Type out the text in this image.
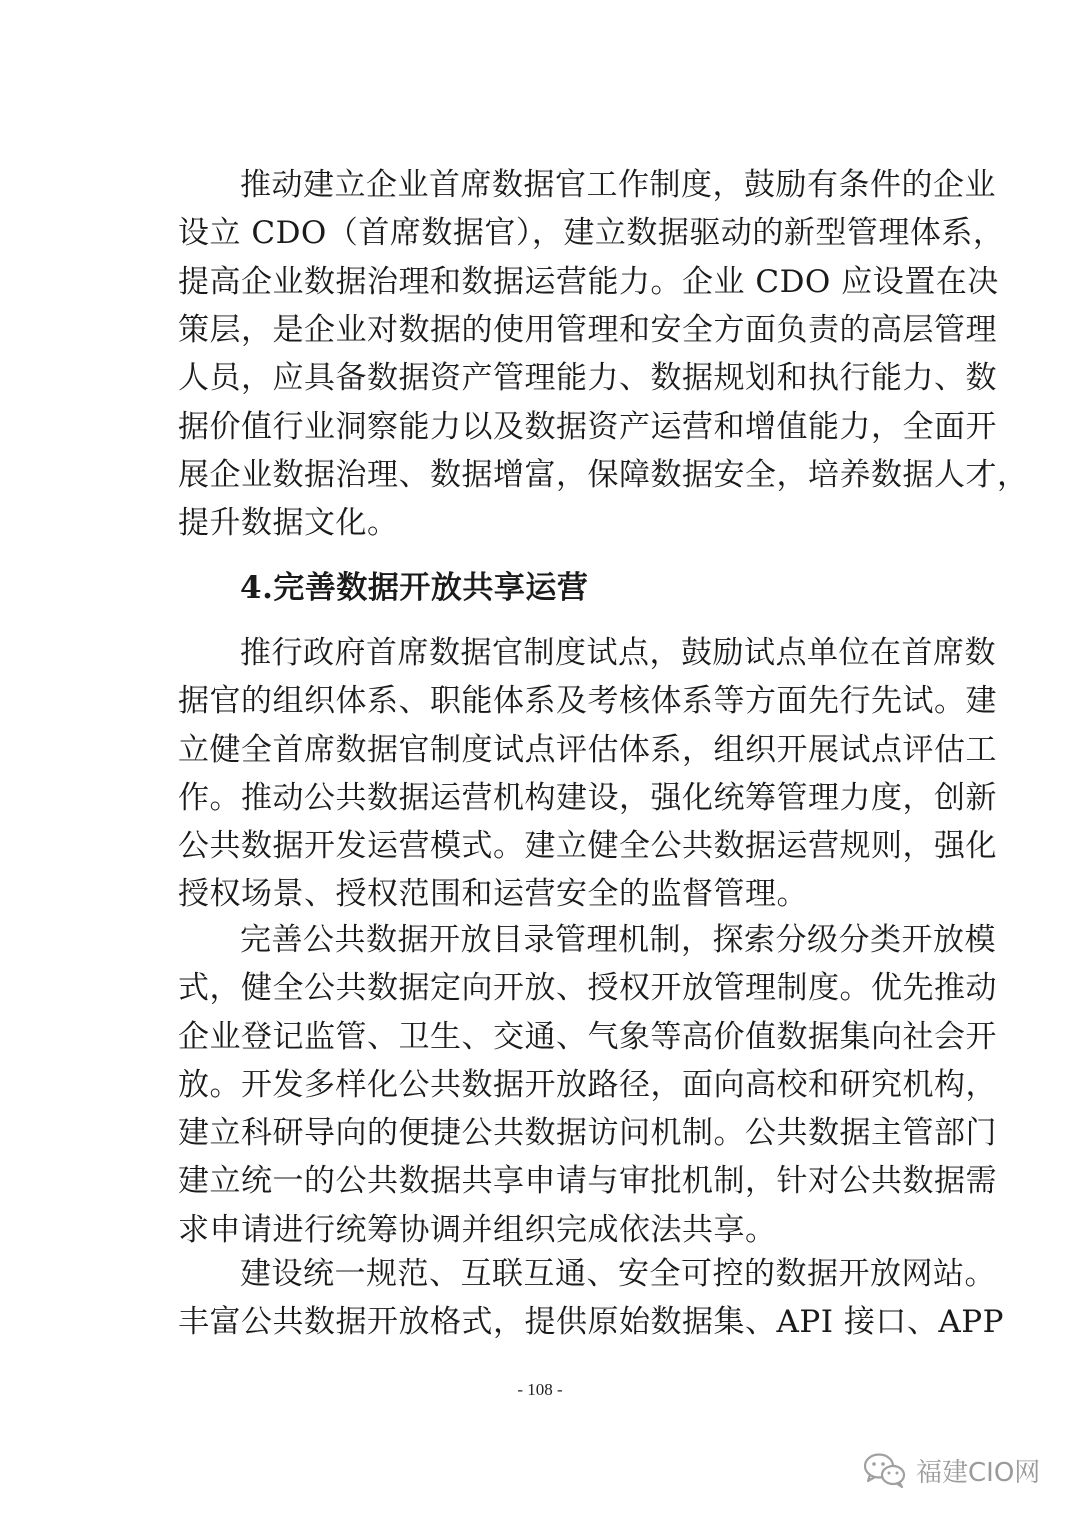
推动建立企业首席数据官工作制度，鼓励有条件的企业
设立 CDO（首席数据官），建立数据驱动的新型管理体系，
提高企业数据治理和数据运营能力。企业 CDO 应设置在决
策层，是企业对数据的使用管理和安全方面负责的高层管理
人员，应具备数据资产管理能力、数据规划和执行能力、数
据价值行业洞察能力以及数据资产运营和增值能力，全面开
展企业数据治理、数据增富，保障数据安全，培养数据人才，
提升数据文化。
4.完善数据开放共享运营
推行政府首席数据官制度试点，鼓励试点单位在首席数
据官的组织体系、职能体系及考核体系等方面先行先试。建
立健全首席数据官制度试点评估体系，组织开展试点评估工
作。推动公共数据运营机构建设，强化统筹管理力度，创新
公共数据开发运营模式。建立健全公共数据运营规则，强化
授权场景、授权范围和运营安全的监督管理。
完善公共数据开放目录管理机制，探索分级分类开放模
式，健全公共数据定向开放、授权开放管理制度。优先推动
企业登记监管、卫生、交通、气象等高价值数据集向社会开
放。开发多样化公共数据开放路径，面向高校和研究机构，
建立科研导向的便捷公共数据访问机制。公共数据主管部门
建立统一的公共数据共享申请与审批机制，针对公共数据需
求申请进行统筹协调并组织完成依法共享。
建设统一规范、互联互通、安全可控的数据开放网站。
丰富公共数据开放格式，提供原始数据集、API 接口、APP
- 108 -
福建CIO网
